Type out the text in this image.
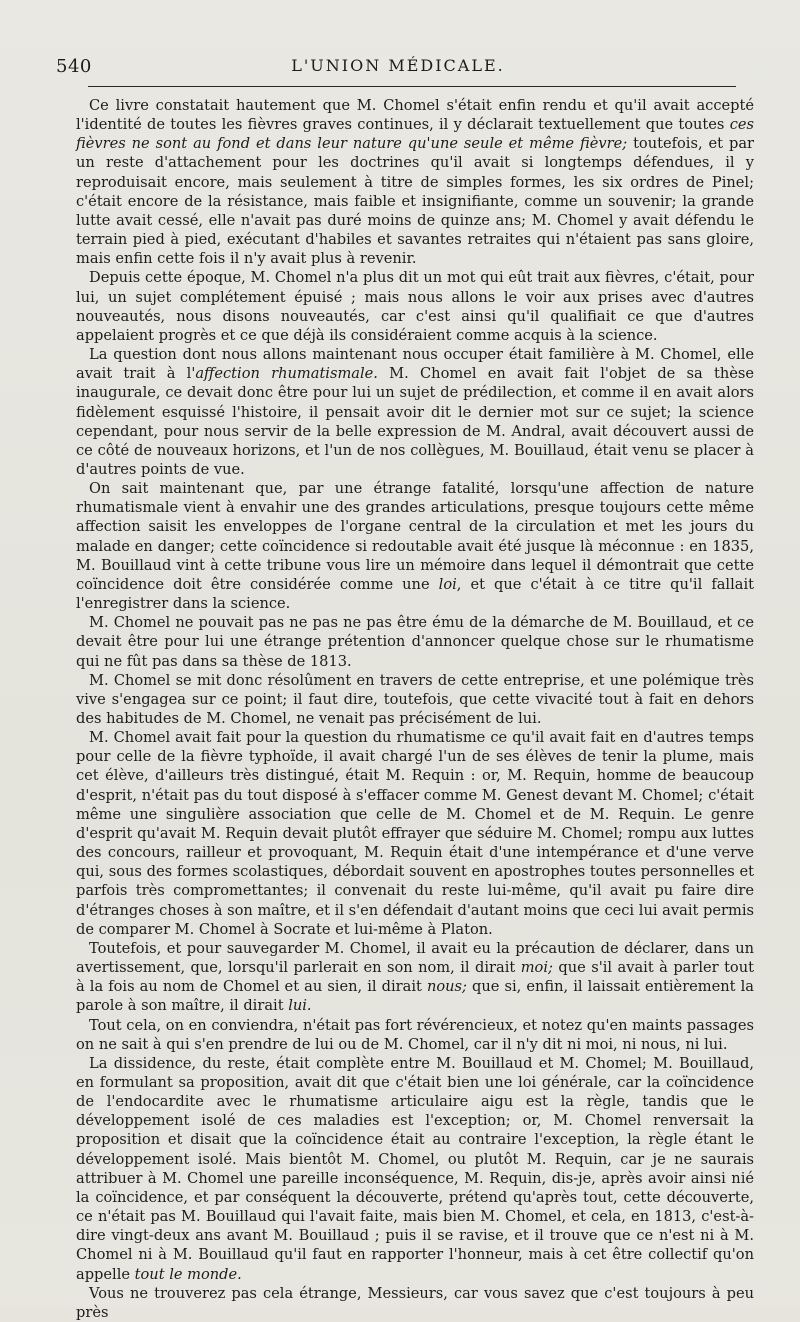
540	L'UNION MÉDICALE.

Ce livre constatait hautement que M. Chomel s'était enfin rendu et qu'il avait accepté l'identité de toutes les fièvres graves continues, il y déclarait textuellement que toutes ces fièvres ne sont au fond et dans leur nature qu'une seule et même fièvre; toutefois, et par un reste d'attachement pour les doctrines qu'il avait si longtemps défendues, il y reproduisait encore, mais seulement à titre de simples formes, les six ordres de Pinel; c'était encore de la résistance, mais faible et insignifiante, comme un souvenir; la grande lutte avait cessé, elle n'avait pas duré moins de quinze ans; M. Chomel y avait défendu le terrain pied à pied, exécutant d'habiles et savantes retraites qui n'étaient pas sans gloire, mais enfin cette fois il n'y avait plus à revenir.

Depuis cette époque, M. Chomel n'a plus dit un mot qui eût trait aux fièvres, c'était, pour lui, un sujet complétement épuisé ; mais nous allons le voir aux prises avec d'autres nouveautés, nous disons nouveautés, car c'est ainsi qu'il qualifiait ce que d'autres appelaient progrès et ce que déjà ils considéraient comme acquis à la science.

La question dont nous allons maintenant nous occuper était familière à M. Chomel, elle avait trait à l'affection rhumatismale. M. Chomel en avait fait l'objet de sa thèse inaugurale, ce devait donc être pour lui un sujet de prédilection, et comme il en avait alors fidèlement esquissé l'histoire, il pensait avoir dit le dernier mot sur ce sujet; la science cependant, pour nous servir de la belle expression de M. Andral, avait découvert aussi de ce côté de nouveaux horizons, et l'un de nos collègues, M. Bouillaud, était venu se placer à d'autres points de vue.

On sait maintenant que, par une étrange fatalité, lorsqu'une affection de nature rhumatismale vient à envahir une des grandes articulations, presque toujours cette même affection saisit les enveloppes de l'organe central de la circulation et met les jours du malade en danger; cette coïncidence si redoutable avait été jusque là méconnue : en 1835, M. Bouillaud vint à cette tribune vous lire un mémoire dans lequel il démontrait que cette coïncidence doit être considérée comme une loi, et que c'était à ce titre qu'il fallait l'enregistrer dans la science.

M. Chomel ne pouvait pas ne pas ne pas être ému de la démarche de M. Bouillaud, et ce devait être pour lui une étrange prétention d'annoncer quelque chose sur le rhumatisme qui ne fût pas dans sa thèse de 1813.

M. Chomel se mit donc résolûment en travers de cette entreprise, et une polémique très vive s'engagea sur ce point; il faut dire, toutefois, que cette vivacité tout à fait en dehors des habitudes de M. Chomel, ne venait pas précisément de lui.

M. Chomel avait fait pour la question du rhumatisme ce qu'il avait fait en d'autres temps pour celle de la fièvre typhoïde, il avait chargé l'un de ses élèves de tenir la plume, mais cet élève, d'ailleurs très distingué, était M. Requin : or, M. Requin, homme de beaucoup d'esprit, n'était pas du tout disposé à s'effacer comme M. Genest devant M. Chomel; c'était même une singulière association que celle de M. Chomel et de M. Requin. Le genre d'esprit qu'avait M. Requin devait plutôt effrayer que séduire M. Chomel; rompu aux luttes des concours, railleur et provoquant, M. Requin était d'une intempérance et d'une verve qui, sous des formes scolastiques, débordait souvent en apostrophes toutes personnelles et parfois très compromettantes; il convenait du reste lui-même, qu'il avait pu faire dire d'étranges choses à son maître, et il s'en défendait d'autant moins que ceci lui avait permis de comparer M. Chomel à Socrate et lui-même à Platon.

Toutefois, et pour sauvegarder M. Chomel, il avait eu la précaution de déclarer, dans un avertissement, que, lorsqu'il parlerait en son nom, il dirait moi; que s'il avait à parler tout à la fois au nom de Chomel et au sien, il dirait nous; que si, enfin, il laissait entièrement la parole à son maître, il dirait lui.

Tout cela, on en conviendra, n'était pas fort révérencieux, et notez qu'en maints passages on ne sait à qui s'en prendre de lui ou de M. Chomel, car il n'y dit ni moi, ni nous, ni lui.

La dissidence, du reste, était complète entre M. Bouillaud et M. Chomel; M. Bouillaud, en formulant sa proposition, avait dit que c'était bien une loi générale, car la coïncidence de l'endocardite avec le rhumatisme articulaire aigu est la règle, tandis que le développement isolé de ces maladies est l'exception; or, M. Chomel renversait la proposition et disait que la coïncidence était au contraire l'exception, la règle étant le développement isolé. Mais bientôt M. Chomel, ou plutôt M. Requin, car je ne saurais attribuer à M. Chomel une pareille inconséquence, M. Requin, dis-je, après avoir ainsi nié la coïncidence, et par conséquent la découverte, prétend qu'après tout, cette découverte, ce n'était pas M. Bouillaud qui l'avait faite, mais bien M. Chomel, et cela, en 1813, c'est-à-dire vingt-deux ans avant M. Bouillaud ; puis il se ravise, et il trouve que ce n'est ni à M. Chomel ni à M. Bouillaud qu'il faut en rapporter l'honneur, mais à cet être collectif qu'on appelle tout le monde.

Vous ne trouverez pas cela étrange, Messieurs, car vous savez que c'est toujours à peu près
